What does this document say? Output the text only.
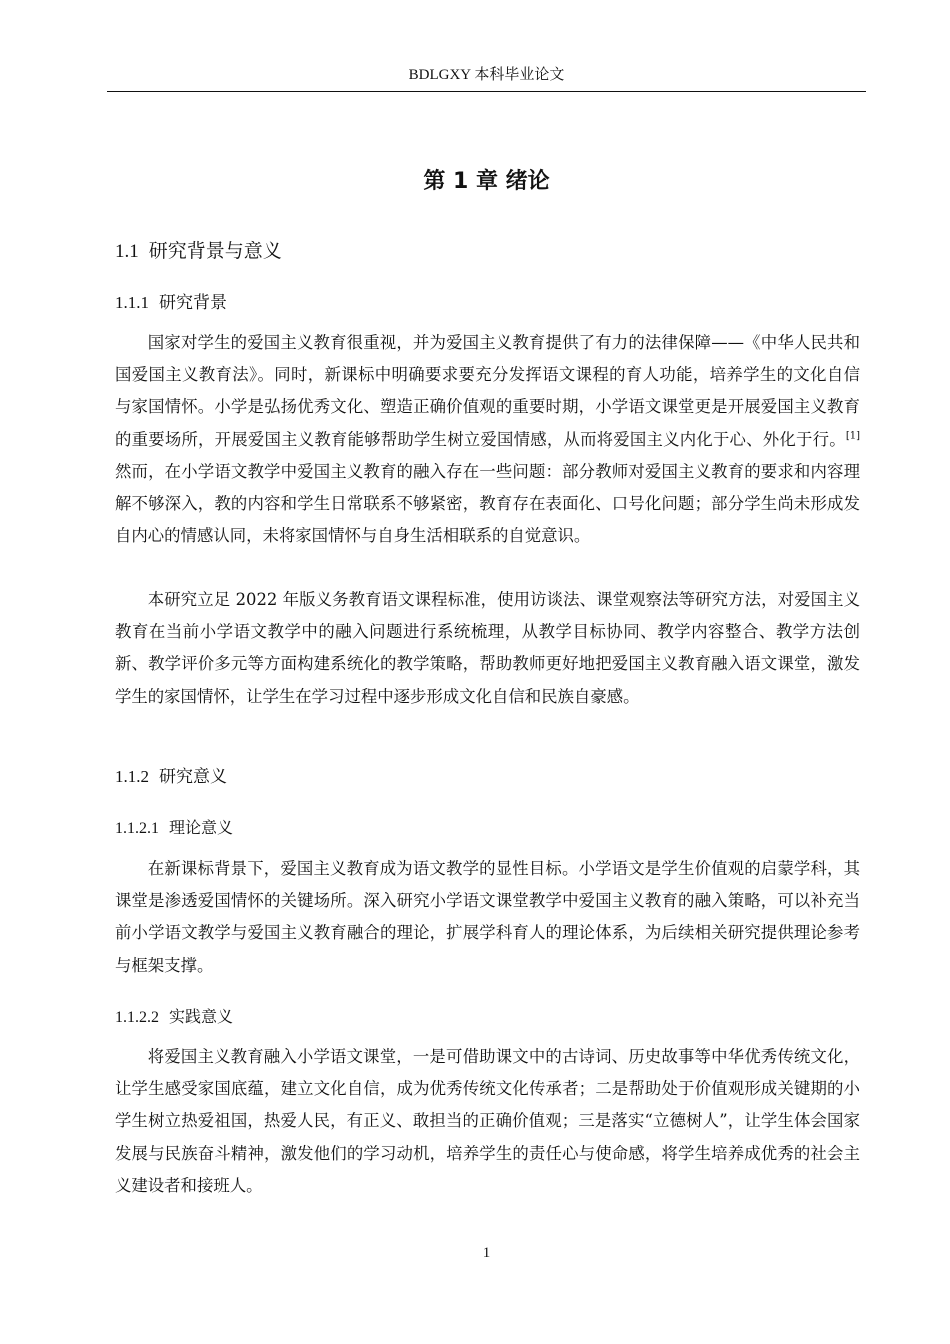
BDLGXY 本科毕业论文
第 1 章 绪论
1.1 研究背景与意义
1.1.1 研究背景

国家对学生的爱国主义教育很重视，并为爱国主义教育提供了有力的法律保障——《中华人民共和国爱国主义教育法》。同时，新课标中明确要求要充分发挥语文课程的育人功能，培养学生的文化自信与家国情怀。小学是弘扬优秀文化、塑造正确价值观的重要时期，小学语文课堂更是开展爱国主义教育的重要场所，开展爱国主义教育能够帮助学生树立爱国情感，从而将爱国主义内化于心、外化于行。[1]然而，在小学语文教学中爱国主义教育的融入存在一些问题：部分教师对爱国主义教育的要求和内容理解不够深入，教的内容和学生日常联系不够紧密，教育存在表面化、口号化问题；部分学生尚未形成发自内心的情感认同，未将家国情怀与自身生活相联系的自觉意识。

本研究立足 2022 年版义务教育语文课程标准，使用访谈法、课堂观察法等研究方法，对爱国主义教育在当前小学语文教学中的融入问题进行系统梳理，从教学目标协同、教学内容整合、教学方法创新、教学评价多元等方面构建系统化的教学策略，帮助教师更好地把爱国主义教育融入语文课堂，激发学生的家国情怀，让学生在学习过程中逐步形成文化自信和民族自豪感。

1.1.2 研究意义
1.1.2.1 理论意义

在新课标背景下，爱国主义教育成为语文教学的显性目标。小学语文是学生价值观的启蒙学科，其课堂是渗透爱国情怀的关键场所。深入研究小学语文课堂教学中爱国主义教育的融入策略，可以补充当前小学语文教学与爱国主义教育融合的理论，扩展学科育人的理论体系，为后续相关研究提供理论参考与框架支撑。

1.1.2.2 实践意义

将爱国主义教育融入小学语文课堂，一是可借助课文中的古诗词、历史故事等中华优秀传统文化，让学生感受家国底蕴，建立文化自信，成为优秀传统文化传承者；二是帮助处于价值观形成关键期的小学生树立热爱祖国，热爱人民，有正义、敢担当的正确价值观；三是落实“立德树人”，让学生体会国家发展与民族奋斗精神，激发他们的学习动机，培养学生的责任心与使命感，将学生培养成优秀的社会主义建设者和接班人。

1
